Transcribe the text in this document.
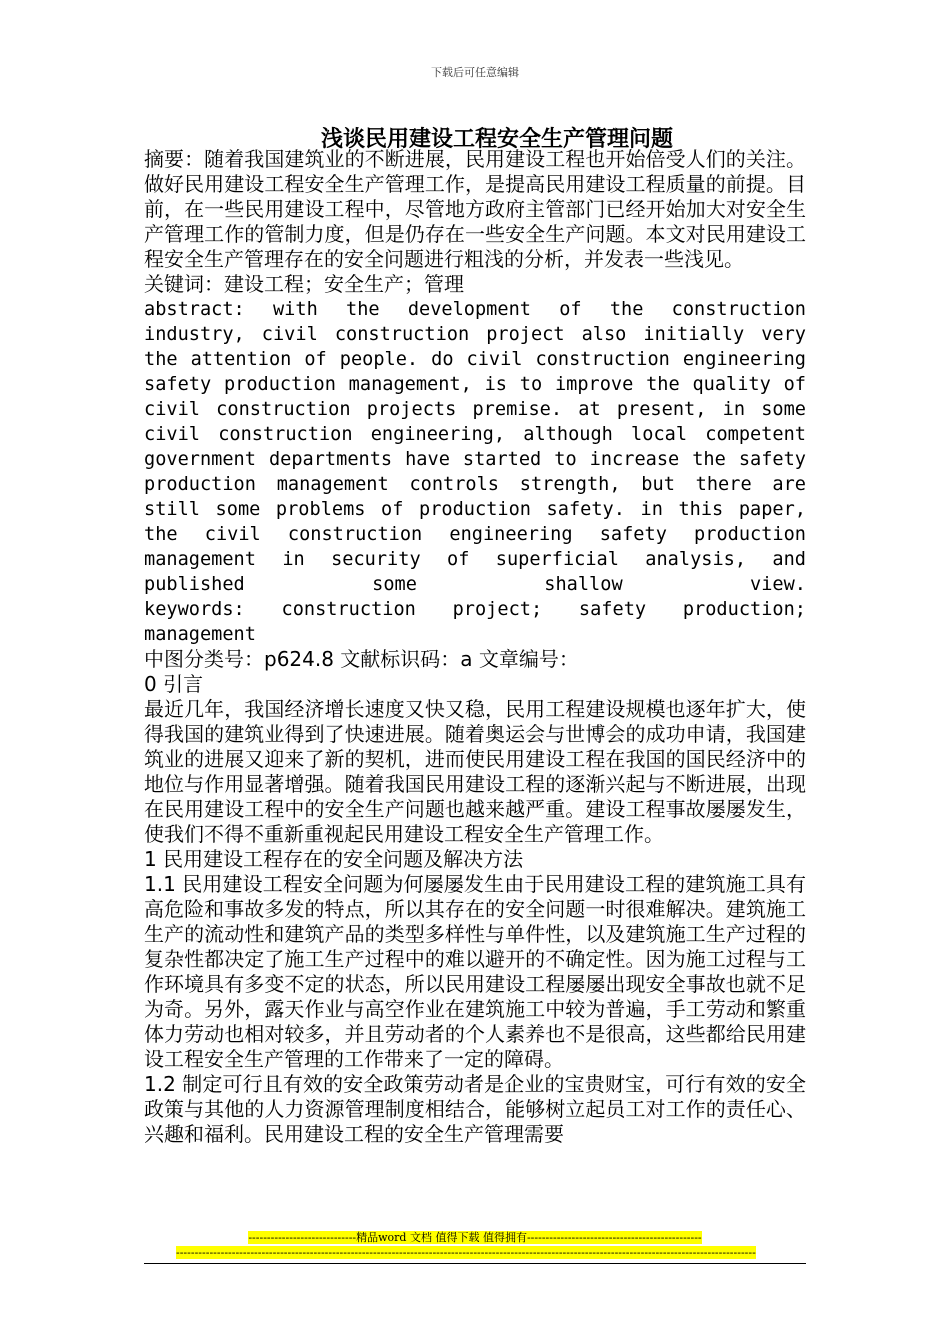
下载后可任意编辑
浅谈民用建设工程安全生产管理问题

摘要：随着我国建筑业的不断进展，民用建设工程也开始倍受人们的关注。做好民用建设工程安全生产管理工作，是提高民用建设工程质量的前提。目前，在一些民用建设工程中，尽管地方政府主管部门已经开始加大对安全生产管理工作的管制力度，但是仍存在一些安全生产问题。本文对民用建设工程安全生产管理存在的安全问题进行粗浅的分析，并发表一些浅见。

关键词：建设工程；安全生产；管理

abstract: with the development of the construction industry, civil construction project also initially very the attention of people. do civil construction engineering safety production management, is to improve the quality of civil construction projects premise. at present, in some civil construction engineering, although local competent government departments have started to increase the safety production management controls strength, but there are still some problems of production safety. in this paper, the civil construction engineering safety production management in security of superficial analysis, and published some shallow view.

keywords: construction project; safety production; management

中图分类号：p624.8 文献标识码：a 文章编号：

0 引言

最近几年，我国经济增长速度又快又稳，民用工程建设规模也逐年扩大，使得我国的建筑业得到了快速进展。随着奥运会与世博会的成功申请，我国建筑业的进展又迎来了新的契机，进而使民用建设工程在我国的国民经济中的地位与作用显著增强。随着我国民用建设工程的逐渐兴起与不断进展，出现在民用建设工程中的安全生产问题也越来越严重。建设工程事故屡屡发生，使我们不得不重新重视起民用建设工程安全生产管理工作。

1 民用建设工程存在的安全问题及解决方法

1.1 民用建设工程安全问题为何屡屡发生由于民用建设工程的建筑施工具有高危险和事故多发的特点，所以其存在的安全问题一时很难解决。建筑施工生产的流动性和建筑产品的类型多样性与单件性，以及建筑施工生产过程的复杂性都决定了施工生产过程中的难以避开的不确定性。因为施工过程与工作环境具有多变不定的状态，所以民用建设工程屡屡出现安全事故也就不足为奇。另外，露天作业与高空作业在建筑施工中较为普遍，手工劳动和繁重体力劳动也相对较多，并且劳动者的个人素养也不是很高，这些都给民用建设工程安全生产管理的工作带来了一定的障碍。

1.2 制定可行且有效的安全政策劳动者是企业的宝贵财宝，可行有效的安全政策与其他的人力资源管理制度相结合，能够树立起员工对工作的责任心、兴趣和福利。民用建设工程的安全生产管理需要

-----------------------------精品word 文档 值得下载 值得拥有-----------------------------------------------
------------------------------------------------------------------------------------------------------------------------------------------------------------
